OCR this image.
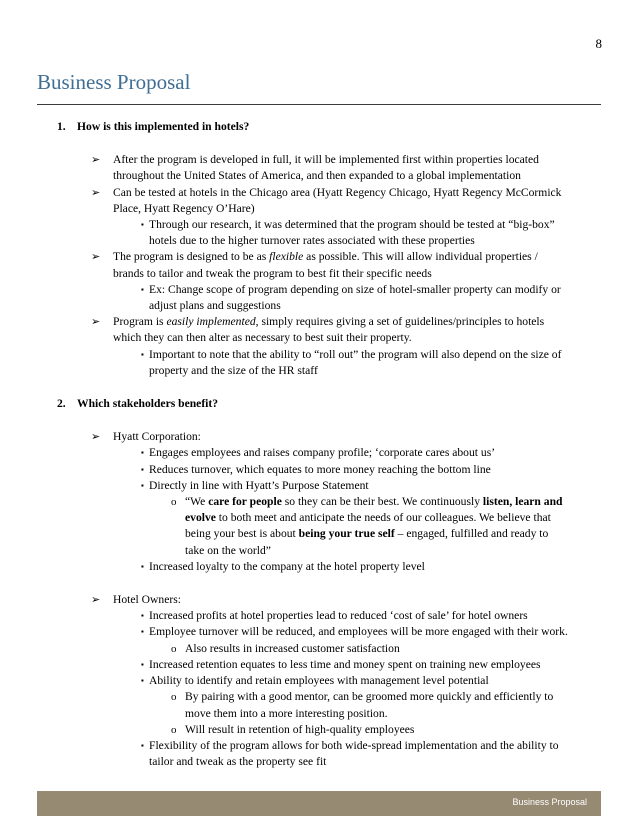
8
Business Proposal
1. How is this implemented in hotels?
➢ After the program is developed in full, it will be implemented first within properties located throughout the United States of America, and then expanded to a global implementation
➢ Can be tested at hotels in the Chicago area (Hyatt Regency Chicago, Hyatt Regency McCormick Place, Hyatt Regency O’Hare)
▪ Through our research, it was determined that the program should be tested at “big-box” hotels due to the higher turnover rates associated with these properties
➢ The program is designed to be as flexible as possible. This will allow individual properties / brands to tailor and tweak the program to best fit their specific needs
▪ Ex: Change scope of program depending on size of hotel-smaller property can modify or adjust plans and suggestions
➢ Program is easily implemented, simply requires giving a set of guidelines/principles to hotels which they can then alter as necessary to best suit their property.
▪ Important to note that the ability to “roll out” the program will also depend on the size of property and the size of the HR staff
2. Which stakeholders benefit?
➢ Hyatt Corporation:
▪ Engages employees and raises company profile; ‘corporate cares about us’
▪ Reduces turnover, which equates to more money reaching the bottom line
▪ Directly in line with Hyatt’s Purpose Statement
o “We care for people so they can be their best. We continuously listen, learn and evolve to both meet and anticipate the needs of our colleagues. We believe that being your best is about being your true self – engaged, fulfilled and ready to take on the world”
▪ Increased loyalty to the company at the hotel property level
➢ Hotel Owners:
▪ Increased profits at hotel properties lead to reduced ‘cost of sale’ for hotel owners
▪ Employee turnover will be reduced, and employees will be more engaged with their work.
o Also results in increased customer satisfaction
▪ Increased retention equates to less time and money spent on training new employees
▪ Ability to identify and retain employees with management level potential
o By pairing with a good mentor, can be groomed more quickly and efficiently to move them into a more interesting position.
o Will result in retention of high-quality employees
▪ Flexibility of the program allows for both wide-spread implementation and the ability to tailor and tweak as the property see fit
Business Proposal
